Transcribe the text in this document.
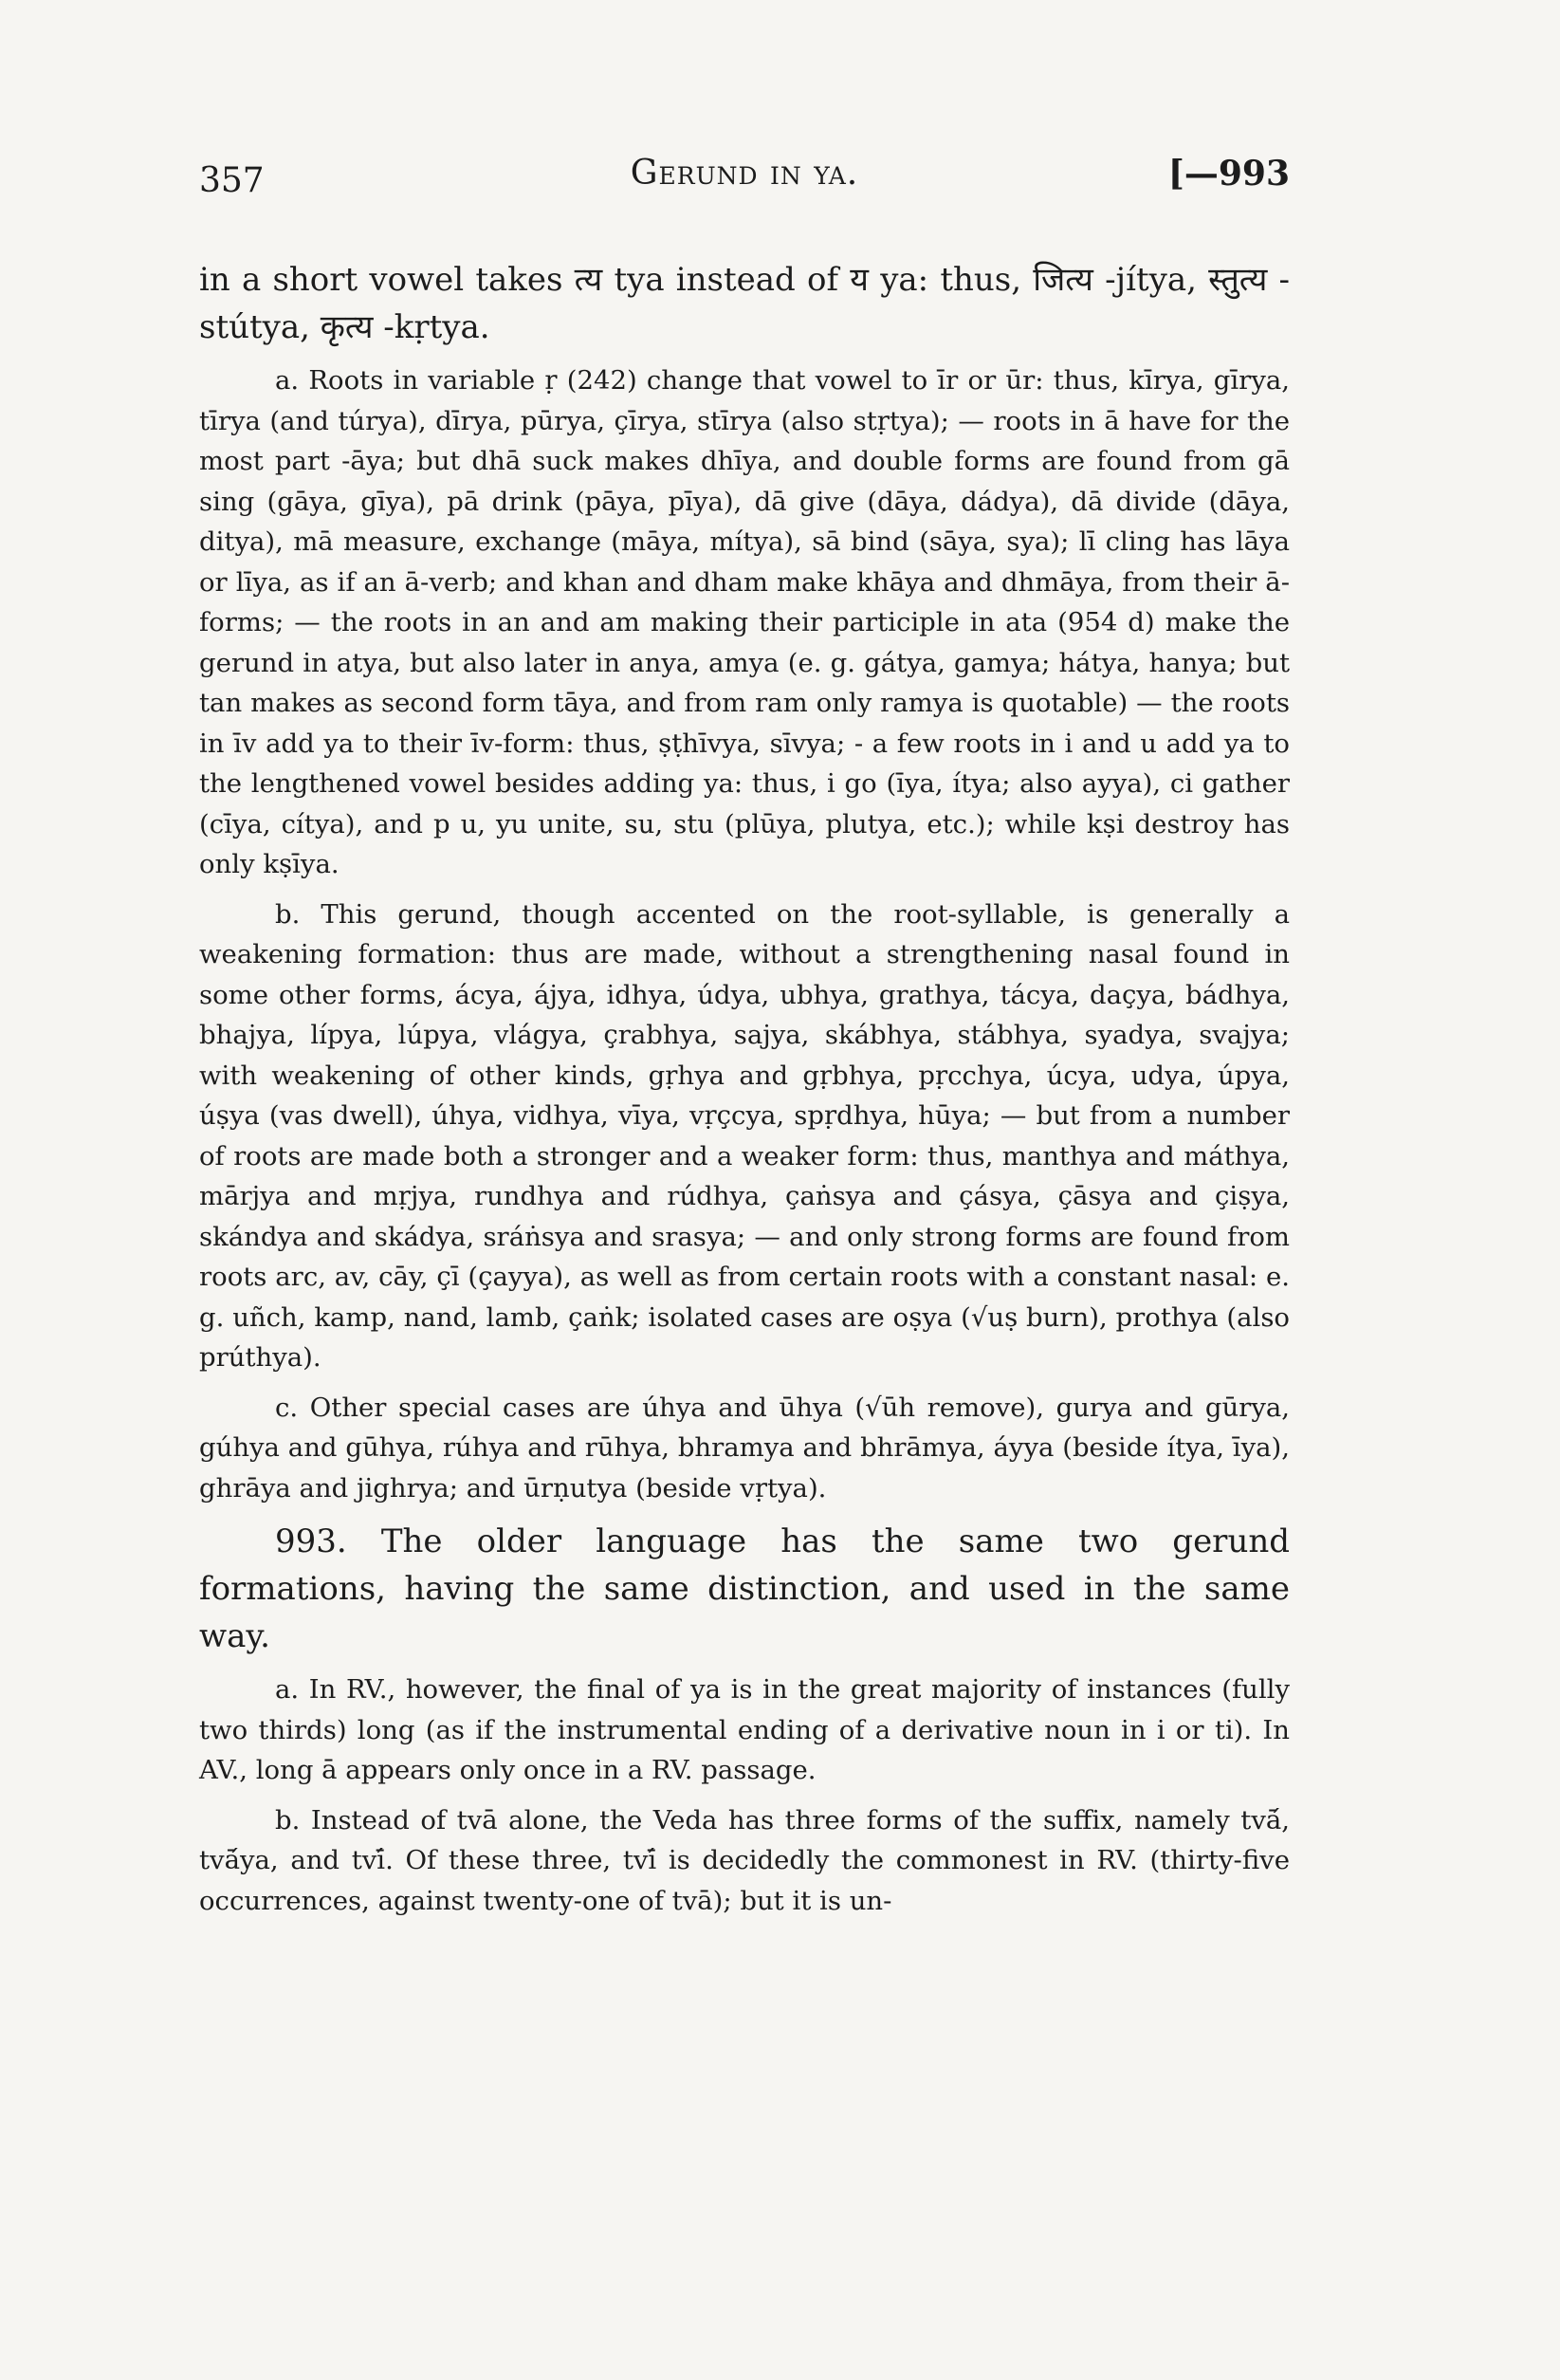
357	Gerund in ya.	[—993

in a short vowel takes त्य tya instead of य ya: thus, जित्य -jítya, स्तुत्य -stútya, कृत्य -kṛtya.

a. Roots in variable ṛ (242) change that vowel to īr or ūr: thus, kīrya, gīrya, tīrya (and túrya), dīrya, pūrya, çīrya, stīrya (also stṛtya); — roots in ā have for the most part -āya; but dhā suck makes dhīya, and double forms are found from gā sing (gāya, gīya), pā drink (pāya, pīya), dā give (dāya, dádya), dā divide (dāya, ditya), mā measure, exchange (māya, mítya), sā bind (sāya, sya); lī cling has lāya or līya, as if an ā-verb; and khan and dham make khāya and dhmāya, from their ā-forms; — the roots in an and am making their participle in ata (954 d) make the gerund in atya, but also later in anya, amya (e. g. gátya, gamya; hátya, hanya; but tan makes as second form tāya, and from ram only ramya is quotable) — the roots in īv add ya to their īv-form: thus, ṣṭhīvya, sīvya; - a few roots in i and u add ya to the lengthened vowel besides adding ya: thus, i go (īya, ítya; also ayya), ci gather (cīya, cítya), and p u, yu unite, su, stu (plūya, plutya, etc.); while kṣi destroy has only kṣīya.

b. This gerund, though accented on the root-syllable, is generally a weakening formation: thus are made, without a strengthening nasal found in some other forms, ácya, ájya, idhya, údya, ubhya, grathya, tácya, daçya, bádhya, bhajya, lípya, lúpya, vlágya, çrabhya, sajya, skábhya, stábhya, syadya, svajya; with weakening of other kinds, gṛhya and gṛbhya, pṛcchya, úcya, udya, úpya, úṣya (vas dwell), úhya, vidhya, vīya, vṛçcya, spṛdhya, hūya; — but from a number of roots are made both a stronger and a weaker form: thus, manthya and máthya, mārjya and mṛjya, rundhya and rúdhya, çaṅsya and çásya, çāsya and çiṣya, skándya and skádya, sráṅsya and srasya; — and only strong forms are found from roots arc, av, cāy, çī (çayya), as well as from certain roots with a constant nasal: e. g. uñch, kamp, nand, lamb, çaṅk; isolated cases are oṣya (√uṣ burn), prothya (also prúthya).

c. Other special cases are úhya and ūhya (√ūh remove), gurya and gūrya, gúhya and gūhya, rúhya and rūhya, bhramya and bhrāmya, áyya (beside ítya, īya), ghrāya and jighrya; and ūrṇutya (beside vṛtya).

993. The older language has the same two gerund formations, having the same distinction, and used in the same way.

a. In RV., however, the final of ya is in the great majority of instances (fully two thirds) long (as if the instrumental ending of a derivative noun in i or ti). In AV., long ā appears only once in a RV. passage.

b. Instead of tvā alone, the Veda has three forms of the suffix, namely tvā́, tvā́ya, and tvī́. Of these three, tvī́ is decidedly the commonest in RV. (thirty-five occurrences, against twenty-one of tvā); but it is un-
